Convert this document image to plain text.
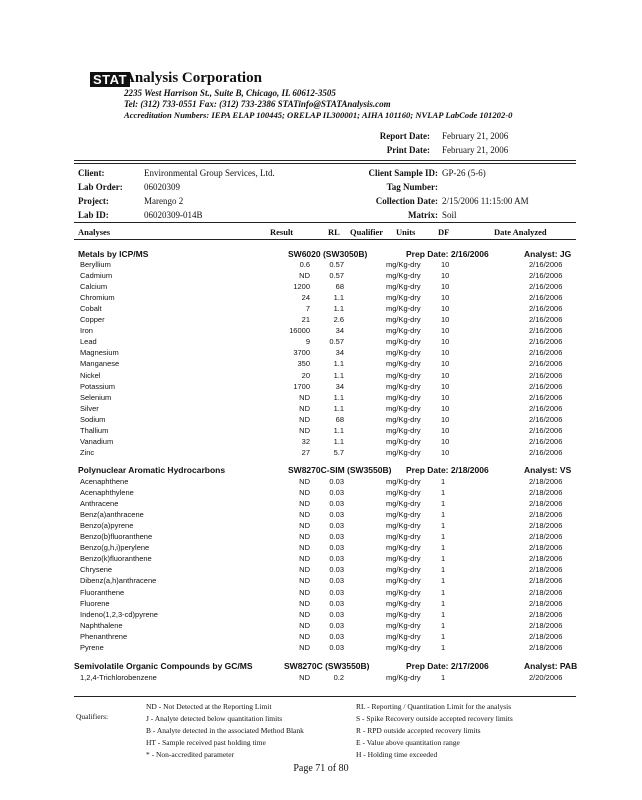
STAT
Analysis Corporation
2235 West Harrison St., Suite B, Chicago, IL 60612-3505
Tel: (312) 733-0551 Fax: (312) 733-2386 STATinfo@STATAnalysis.com
Accreditation Numbers: IEPA ELAP 100445; ORELAP IL300001; AIHA 101160; NVLAP LabCode 101202-0
Report Date: February 21, 2006
Print Date: February 21, 2006
Client:	Environmental Group Services, Ltd.	Client Sample ID: GP-26 (5-6)
Lab Order: 06020309	Tag Number:
Project:	Marengo 2	Collection Date: 2/15/2006 11:15:00 AM
Lab ID:	06020309-014B	Matrix: Soil
Analyses	Result	RL Qualifier Units	DF	Date Analyzed
Metals by ICP/MS	SW6020 (SW3050B)	Prep Date: 2/16/2006	Analyst: JG
Beryllium	0.6	0.57	mg/Kg-dry	10	2/16/2006
Cadmium	ND	0.57	mg/Kg-dry	10	2/16/2006
Calcium	1200	68	mg/Kg-dry	10	2/16/2006
Chromium	24	1.1	mg/Kg-dry	10	2/16/2006
Cobalt	7	1.1	mg/Kg-dry	10	2/16/2006
Copper	21	2.6	mg/Kg-dry	10	2/16/2006
Iron	16000	34	mg/Kg-dry	10	2/16/2006
Lead	9	0.57	mg/Kg-dry	10	2/16/2006
Magnesium	3700	34	mg/Kg-dry	10	2/16/2006
Manganese	350	1.1	mg/Kg-dry	10	2/16/2006
Nickel	20	1.1	mg/Kg-dry	10	2/16/2006
Potassium	1700	34	mg/Kg-dry	10	2/16/2006
Selenium	ND	1.1	mg/Kg-dry	10	2/16/2006
Silver	ND	1.1	mg/Kg-dry	10	2/16/2006
Sodium	ND	68	mg/Kg-dry	10	2/16/2006
Thallium	ND	1.1	mg/Kg-dry	10	2/16/2006
Vanadium	32	1.1	mg/Kg-dry	10	2/16/2006
Zinc	27	5.7	mg/Kg-dry	10	2/16/2006
Polynuclear Aromatic Hydrocarbons	SW8270C-SIM (SW3550B) Prep Date: 2/18/2006	Analyst: VS
Acenaphthene	ND	0.03	mg/Kg-dry	1	2/18/2006
Acenaphthylene	ND	0.03	mg/Kg-dry	1	2/18/2006
Anthracene	ND	0.03	mg/Kg-dry	1	2/18/2006
Benz(a)anthracene	ND	0.03	mg/Kg-dry	1	2/18/2006
Benzo(a)pyrene	ND	0.03	mg/Kg-dry	1	2/18/2006
Benzo(b)fluoranthene	ND	0.03	mg/Kg-dry	1	2/18/2006
Benzo(g,h,i)perylene	ND	0.03	mg/Kg-dry	1	2/18/2006
Benzo(k)fluoranthene	ND	0.03	mg/Kg-dry	1	2/18/2006
Chrysene	ND	0.03	mg/Kg-dry	1	2/18/2006
Dibenz(a,h)anthracene	ND	0.03	mg/Kg-dry	1	2/18/2006
Fluoranthene	ND	0.03	mg/Kg-dry	1	2/18/2006
Fluorene	ND	0.03	mg/Kg-dry	1	2/18/2006
Indeno(1,2,3-cd)pyrene	ND	0.03	mg/Kg-dry	1	2/18/2006
Naphthalene	ND	0.03	mg/Kg-dry	1	2/18/2006
Phenanthrene	ND	0.03	mg/Kg-dry	1	2/18/2006
Pyrene	ND	0.03	mg/Kg-dry	1	2/18/2006
Semivolatile Organic Compounds by GC/MS	SW8270C (SW3550B)	Prep Date: 2/17/2006	Analyst: PAB
1,2,4-Trichlorobenzene	ND	0.2	mg/Kg-dry	1	2/20/2006
Qualifiers:
ND - Not Detected at the Reporting Limit
J - Analyte detected below quantitation limits
B - Analyte detected in the associated Method Blank
HT - Sample received past holding time
* - Non-accredited parameter
RL - Reporting / Quantitation Limit for the analysis
S - Spike Recovery outside accepted recovery limits
R - RPD outside accepted recovery limits
E - Value above quantitation range
H - Holding time exceeded
Page 71 of 80
